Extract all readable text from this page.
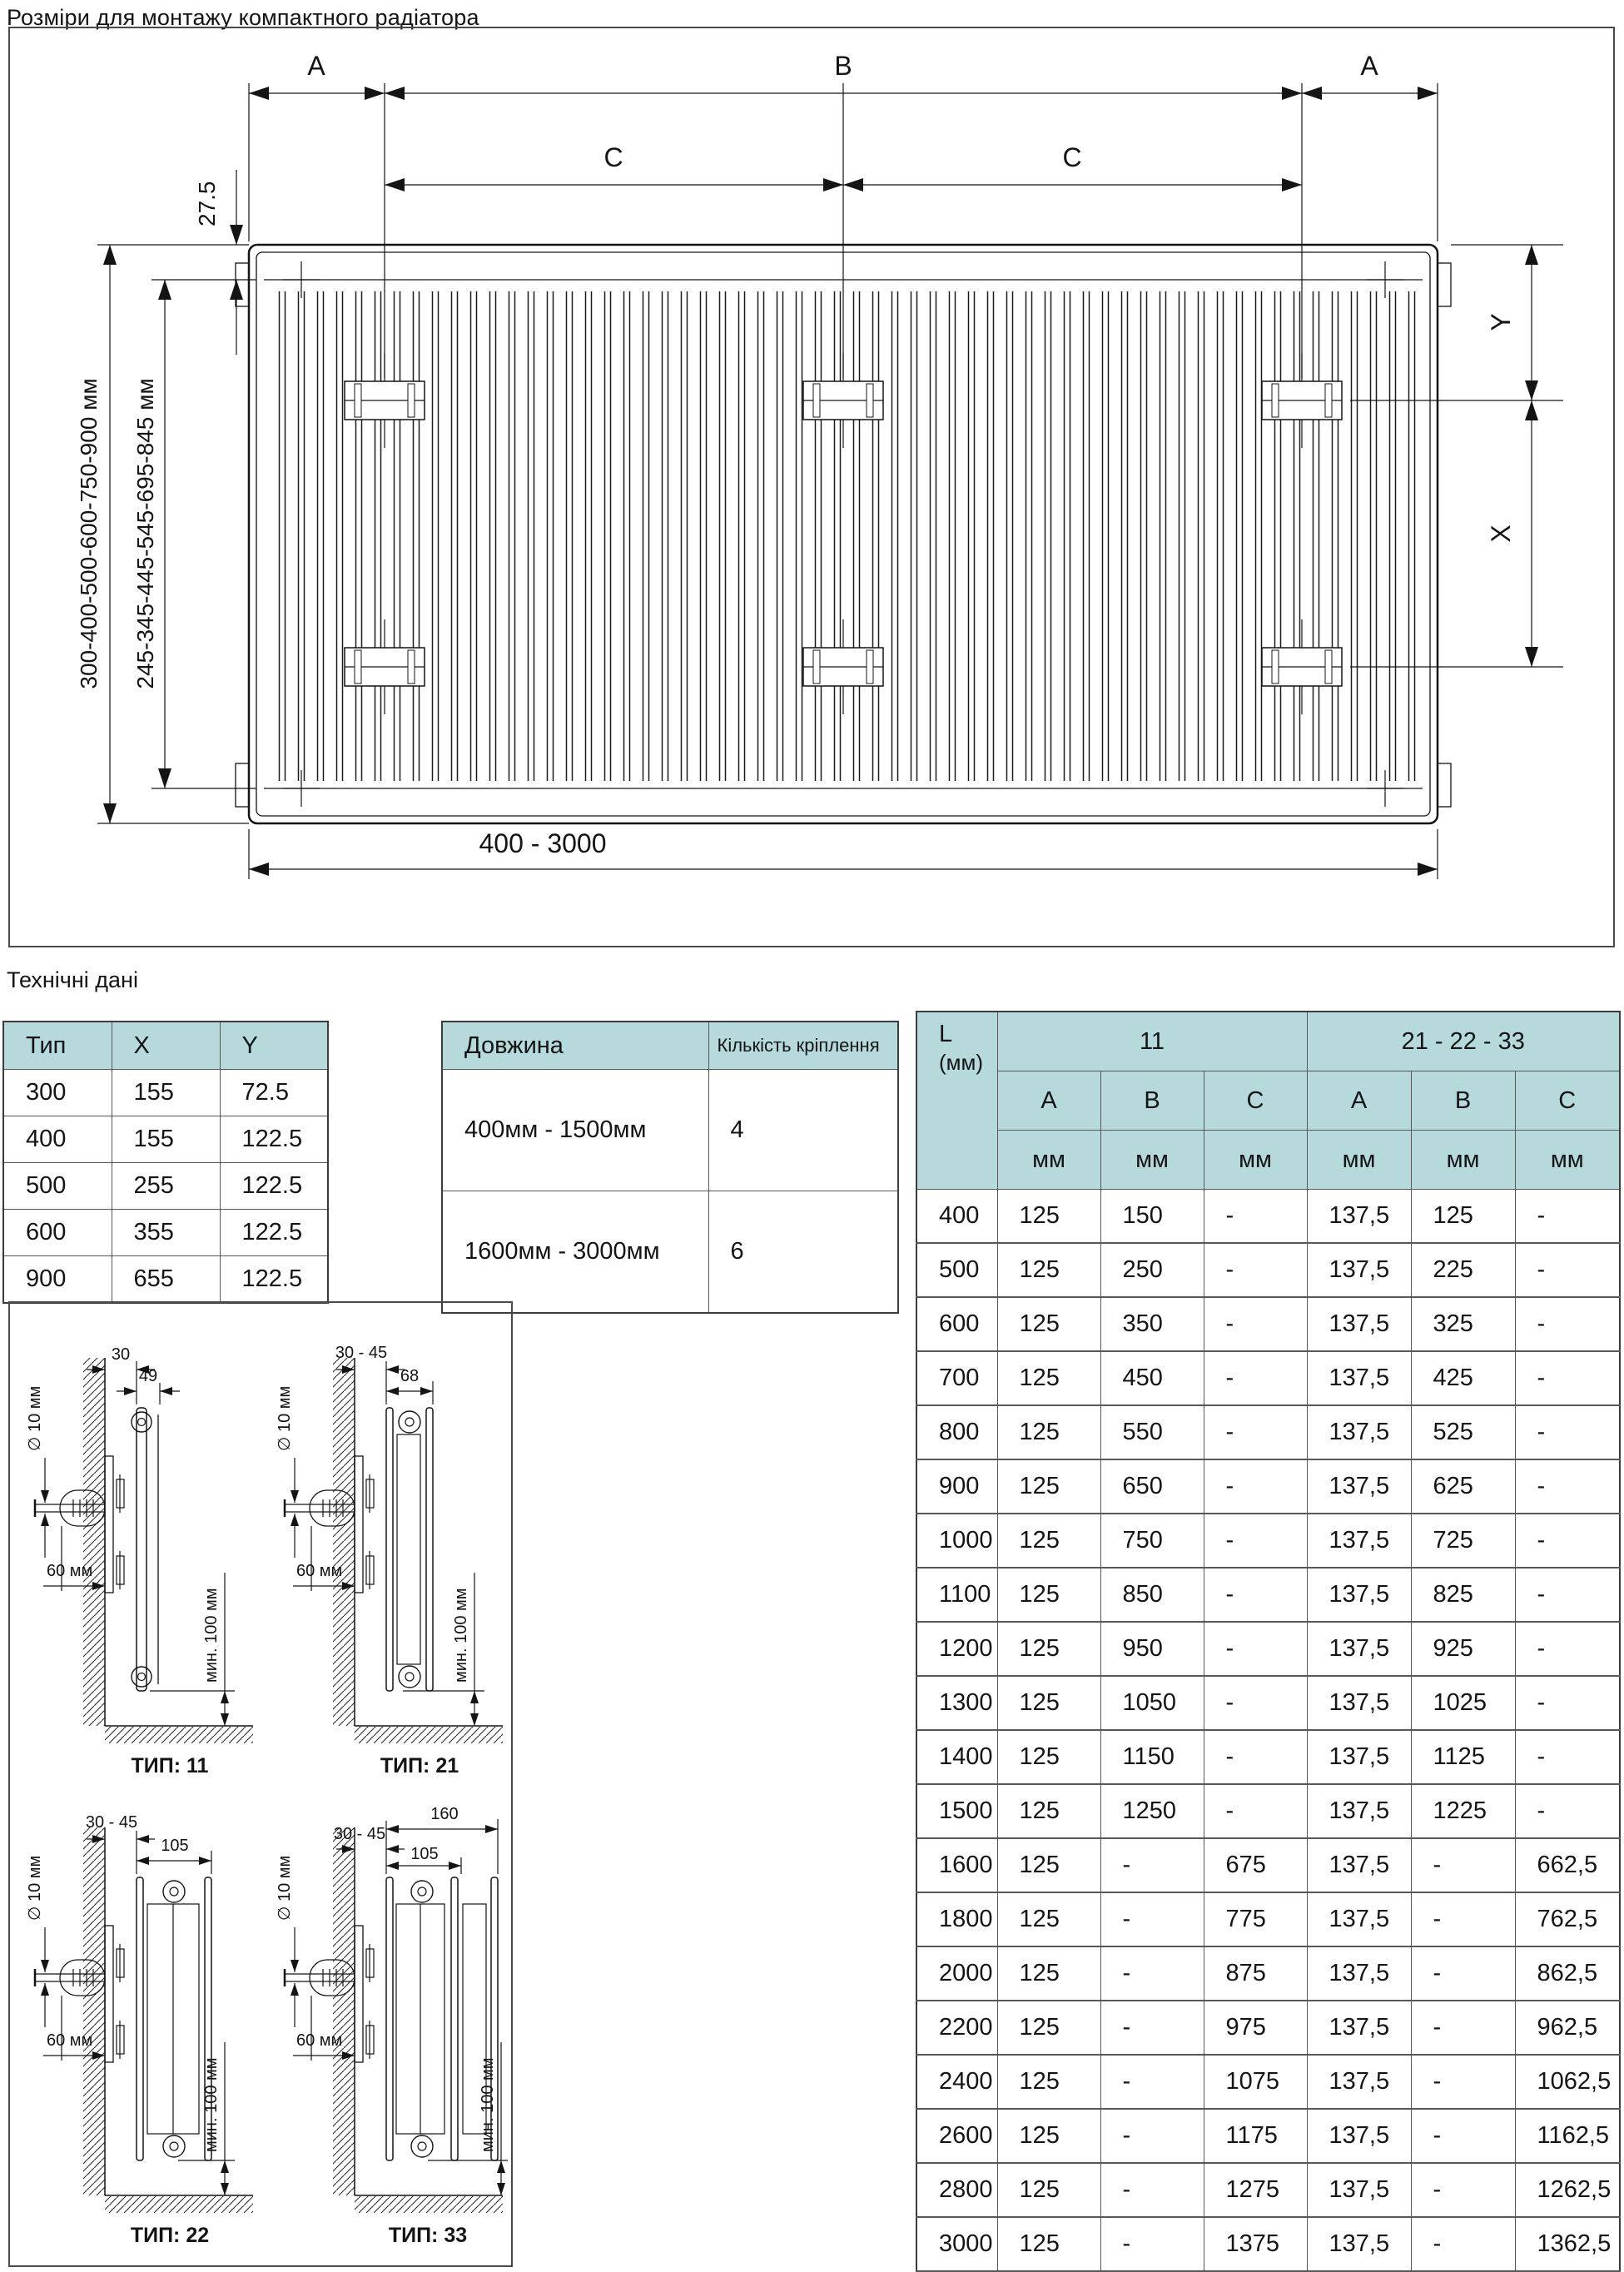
Розміри для монтажу компактного радіатора
A	B	A
C	C
27.5
300-400-500-600-750-900 мм 245-345-445-545-695-845 мм
Y
X
400 - 3000
Технічні дані
Тип	X	Y
300	155	72.5
400	155	122.5
500	255	122.5
600	355	122.5
900	655	122.5
Довжина	Кількість кріплення
400мм - 1500мм	4
1600мм - 3000мм	6
L
(мм)	11			21 - 22 - 33		
	A	B	C	A	B	C
	мм	мм	мм	мм	мм	мм
400	125	150	-	137,5	125	-
500	125	250	-	137,5	225	-
600	125	350	-	137,5	325	-
700	125	450	-	137,5	425	-
800	125	550	-	137,5	525	-
900	125	650	-	137,5	625	-
1000	125	750	-	137,5	725	-
1100	125	850	-	137,5	825	-
1200	125	950	-	137,5	925	-
1300	125	1050	-	137,5	1025	-
1400	125	1150	-	137,5	1125	-
1500	125	1250	-	137,5	1225	-
1600	125	-	675	137,5	-	662,5
1800	125	-	775	137,5	-	762,5
2000	125	-	875	137,5	-	862,5
2200	125	-	975	137,5	-	962,5
2400	125	-	1075	137,5	-	1062,5
2600	125	-	1175	137,5	-	1162,5
2800	125	-	1275	137,5	-	1262,5
3000	125	-	1375	137,5	-	1362,5
∅ 10 мм
60 мм
30
49
мин. 100 мм
ТИП: 11
∅ 10 мм
60 мм
30 - 45
68
мин. 100 мм
ТИП: 21
∅ 10 мм
60 мм
30 - 45
105
мин. 100 мм
ТИП: 22
∅ 10 мм
60 мм
30 - 45
160
105
мин. 100 мм
ТИП: 33
